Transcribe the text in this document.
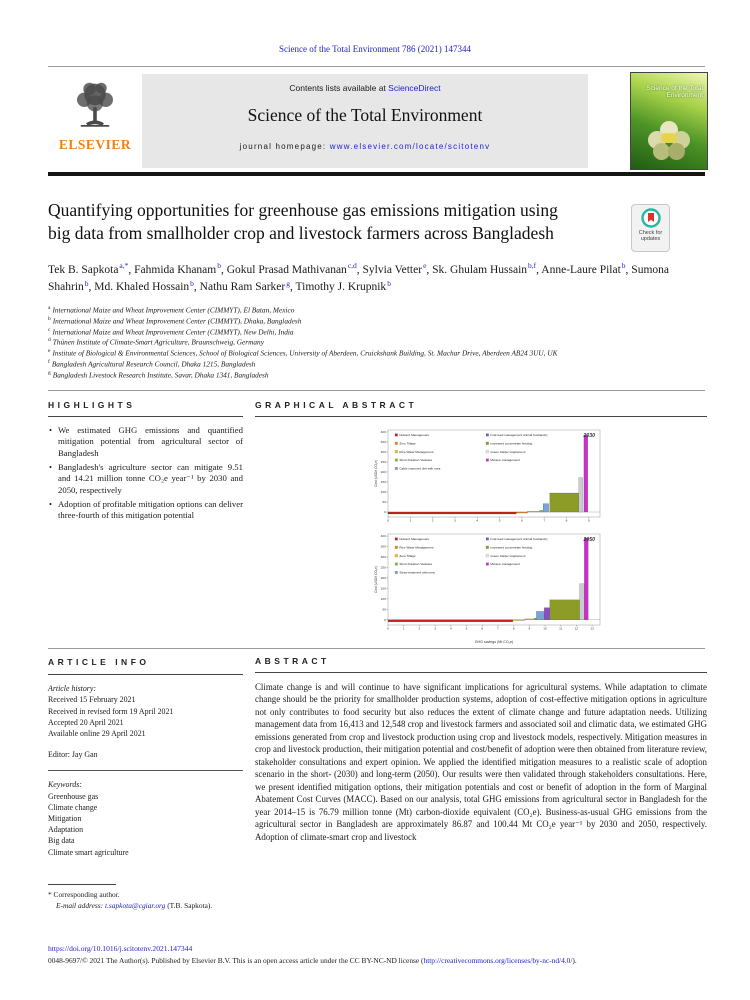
Science of the Total Environment 786 (2021) 147344
ELSEVIER
Contents lists available at ScienceDirect
Science of the Total Environment
journal homepage: www.elsevier.com/locate/scitotenv
Science of the Total Environment
Quantifying opportunities for greenhouse gas emissions mitigation using
big data from smallholder crop and livestock farmers across Bangladesh	Check for
updates
Tek B. Sapkota$^{a,*}$ , Fahmida Khanam$^b$ , Gokul Prasad Mathivanan$^{c,d}$ , Sylvia Vetter$^e$ , Sk. Ghulam Hussain$^{b,f}$ , Anne-Laure Pilat$^b$ , Sumona Shahrin$^b$ , Md. Khaled Hossain$^b$ , Nathu Ram Sarker$^g$ , Timothy J. Krupnik$^b$
$^a$ International Maize and Wheat Improvement Center (CIMMYT), El Batan, Mexico
$^b$ International Maize and Wheat Improvement Center (CIMMYT), Dhaka, Bangladesh
$^c$ International Maize and Wheat Improvement Center (CIMMYT), New Delhi, India
$^d$ Thünen Institute of Climate-Smart Agriculture, Braunschweig, Germany
$^e$ Institute of Biological & Environmental Sciences, School of Biological Sciences, University of Aberdeen, Cruickshank Building, St. Machar Drive, Aberdeen AB24 3UU, UK
$^f$ Bangladesh Agricultural Research Council, Dhaka 1215, Bangladesh
$^g$ Bangladesh Livestock Research Institute, Savar, Dhaka 1341, Bangladesh
HIGHLIGHTS
• We estimated GHG emissions and quantified mitigation potential from agricultural sector of Bangladesh
• Bangladesh's agriculture sector can mitigate 9.51 and 14.21 million tonne CO₂e year⁻¹ by 2030 and 2050, respectively
• Adoption of profitable mitigation options can deliver three-fourth of this mitigation potential
GRAPHICAL ABSTRACT
0
50
100
150
200
250
300
350
400
0	1	2	3	4	5	6	7	8	9
Nutrient Management
Zero Tillage
Rice Water Management
Short Duration Varieties
Cattle improved diet with urea
Improved management animal husbandry
Increased concentrate feeding
Green fodder supplement
Manure management
2030
Cost (USD/t CO₂e)
0
50
100
150
200
250
300
350
400
0	1	2	3	4	5	6	7	8	9	10	11	12	13
Nutrient Management
Rice Water Management
Zero Tillage
Short Duration Varieties
Straw treatment with urea
Improved management animal husbandry
Increased concentrate feeding
Green fodder supplement
Manure management
2050
Cost (USD/t CO₂e)
GHG savings (Mt CO₂e)
ARTICLE INFO
Article history:
Received 15 February 2021
Received in revised form 19 April 2021
Accepted 20 April 2021
Available online 29 April 2021
Editor: Jay Gan
Keywords:
Greenhouse gas
Climate change
Mitigation
Adaptation
Big data
Climate smart agriculture
ABSTRACT
Climate change is and will continue to have significant implications for agricultural systems. While adaptation to climate change should be the priority for smallholder production systems, adoption of cost-effective mitigation options in agriculture not only contributes to food security but also reduces the extent of climate change and future adaptation needs. Utilizing management data from 16,413 and 12,548 crop and livestock farmers and associated soil and climatic data, we estimated GHG emissions generated from crop and livestock production using crop and livestock models, respectively. Mitigation measures in crop and livestock production, their mitigation potential and cost/benefit of adoption were then obtained from literature review, stakeholder consultations and expert opinion. We applied the identified mitigation measures to a realistic scale of adoption scenario in the short- (2030) and long-term (2050). Our results were then validated through stakeholders consultations. Here, we present identified mitigation options, their mitigation potentials and cost or benefit of adoption in the form of Marginal Abatement Cost Curves (MACC). Based on our analysis, total GHG emissions from agricultural sector in Bangladesh for the year 2014–15 is 76.79 million tonne (Mt) carbon-dioxide equivalent (CO₂e). Business-as-usual GHG emissions from the agricultural sector in Bangladesh are approximately 86.87 and 100.44 Mt CO₂e year⁻¹ by 2030 and 2050, respectively. Adoption of climate-smart crop and livestock
* Corresponding author.
E-mail address: t.sapkota@cgiar.org (T.B. Sapkota).
https://doi.org/10.1016/j.scitotenv.2021.147344
0048-9697/© 2021 The Author(s). Published by Elsevier B.V. This is an open access article under the CC BY-NC-ND license (http://creativecommons.org/licenses/by-nc-nd/4.0/).
